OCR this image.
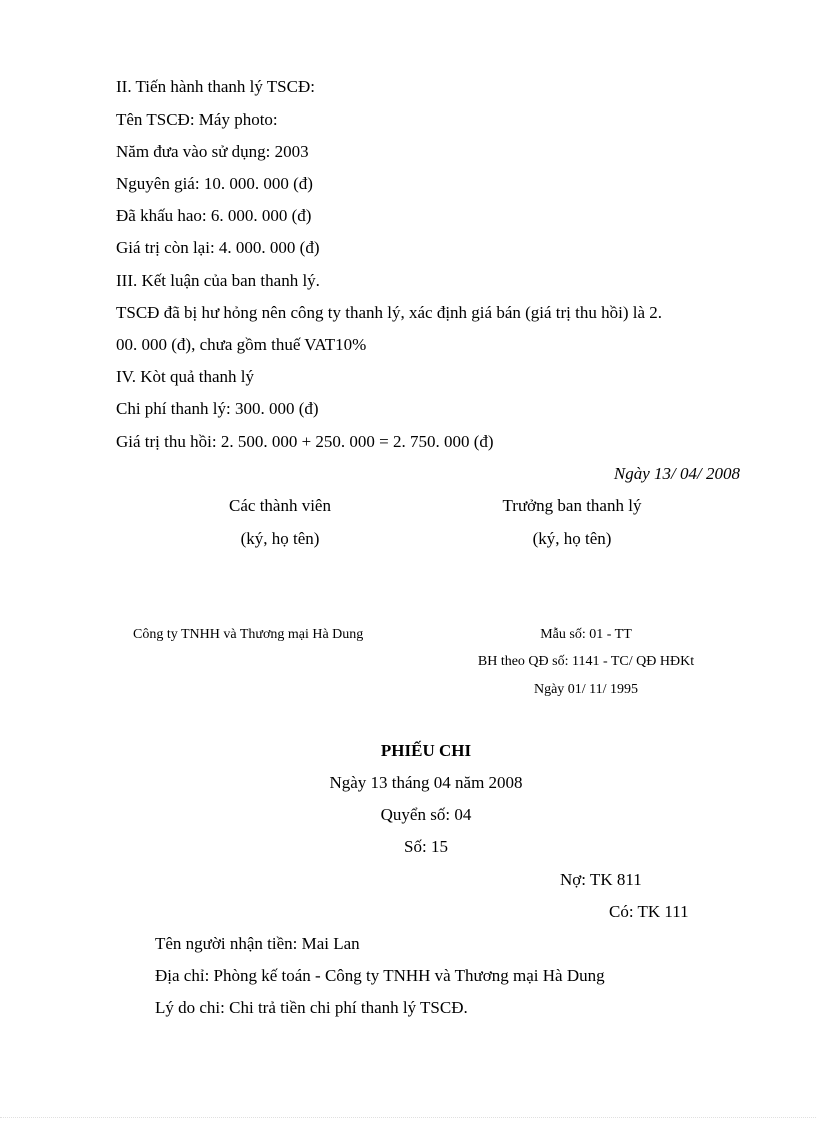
II. Tiến hành thanh lý TSCĐ:
Tên TSCĐ: Máy photo:
Năm đưa vào sử dụng: 2003
Nguyên giá: 10. 000. 000 (đ)
Đã khấu hao: 6. 000. 000 (đ)
Giá trị còn lại: 4. 000. 000 (đ)
III. Kết luận của ban thanh lý.
TSCĐ đã bị hư hỏng nên công ty thanh lý, xác định giá bán (giá trị thu hồi) là 2.
00. 000 (đ), chưa gồm thuế VAT10%
IV. Kòt quả thanh lý
Chi phí thanh lý: 300. 000 (đ)
Giá trị thu hồi: 2. 500. 000 + 250. 000 = 2. 750. 000 (đ)
Ngày 13/ 04/ 2008
Các thành viên
(ký, họ tên)
Trưởng ban thanh lý
(ký, họ tên)
Công ty TNHH và Thương mại Hà Dung	Mẫu số: 01 - TT
BH theo QĐ số: 1141 - TC/ QĐ HĐKt
Ngày 01/ 11/ 1995
PHIẾU CHI
Ngày 13 tháng 04 năm 2008
Quyển số: 04
Số: 15
Nợ: TK 811
Có: TK 111
Tên người nhận tiền: Mai Lan
Địa chỉ: Phòng kế toán - Công ty TNHH và Thương mại Hà Dung
Lý do chi: Chi trả tiền chi phí thanh lý TSCĐ.
